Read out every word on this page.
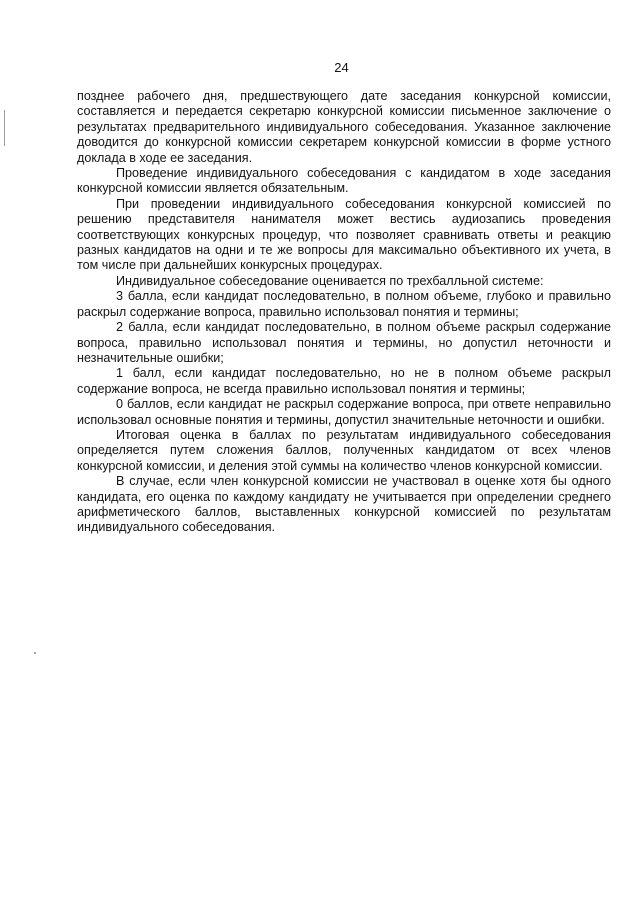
24

позднее рабочего дня, предшествующего дате заседания конкурсной комиссии, составляется и передается секретарю конкурсной комиссии письменное заключение о результатах предварительного индивидуального собеседования. Указанное заключение доводится до конкурсной комиссии секретарем конкурсной комиссии в форме устного доклада в ходе ее заседания.

Проведение индивидуального собеседования с кандидатом в ходе заседания конкурсной комиссии является обязательным.

При проведении индивидуального собеседования конкурсной комиссией по решению представителя нанимателя может вестись аудиозапись проведения соответствующих конкурсных процедур, что позволяет сравнивать ответы и реакцию разных кандидатов на одни и те же вопросы для максимально объективного их учета, в том числе при дальнейших конкурсных процедурах.

Индивидуальное собеседование оценивается по трехбалльной системе:

3 балла, если кандидат последовательно, в полном объеме, глубоко и правильно раскрыл содержание вопроса, правильно использовал понятия и термины;

2 балла, если кандидат последовательно, в полном объеме раскрыл содержание вопроса, правильно использовал понятия и термины, но допустил неточности и незначительные ошибки;

1 балл, если кандидат последовательно, но не в полном объеме раскрыл содержание вопроса, не всегда правильно использовал понятия и термины;

0 баллов, если кандидат не раскрыл содержание вопроса, при ответе неправильно использовал основные понятия и термины, допустил значительные неточности и ошибки.

Итоговая оценка в баллах по результатам индивидуального собеседования определяется путем сложения баллов, полученных кандидатом от всех членов конкурсной комиссии, и деления этой суммы на количество членов конкурсной комиссии.

В случае, если член конкурсной комиссии не участвовал в оценке хотя бы одного кандидата, его оценка по каждому кандидату не учитывается при определении среднего арифметического баллов, выставленных конкурсной комиссией по результатам индивидуального собеседования.
